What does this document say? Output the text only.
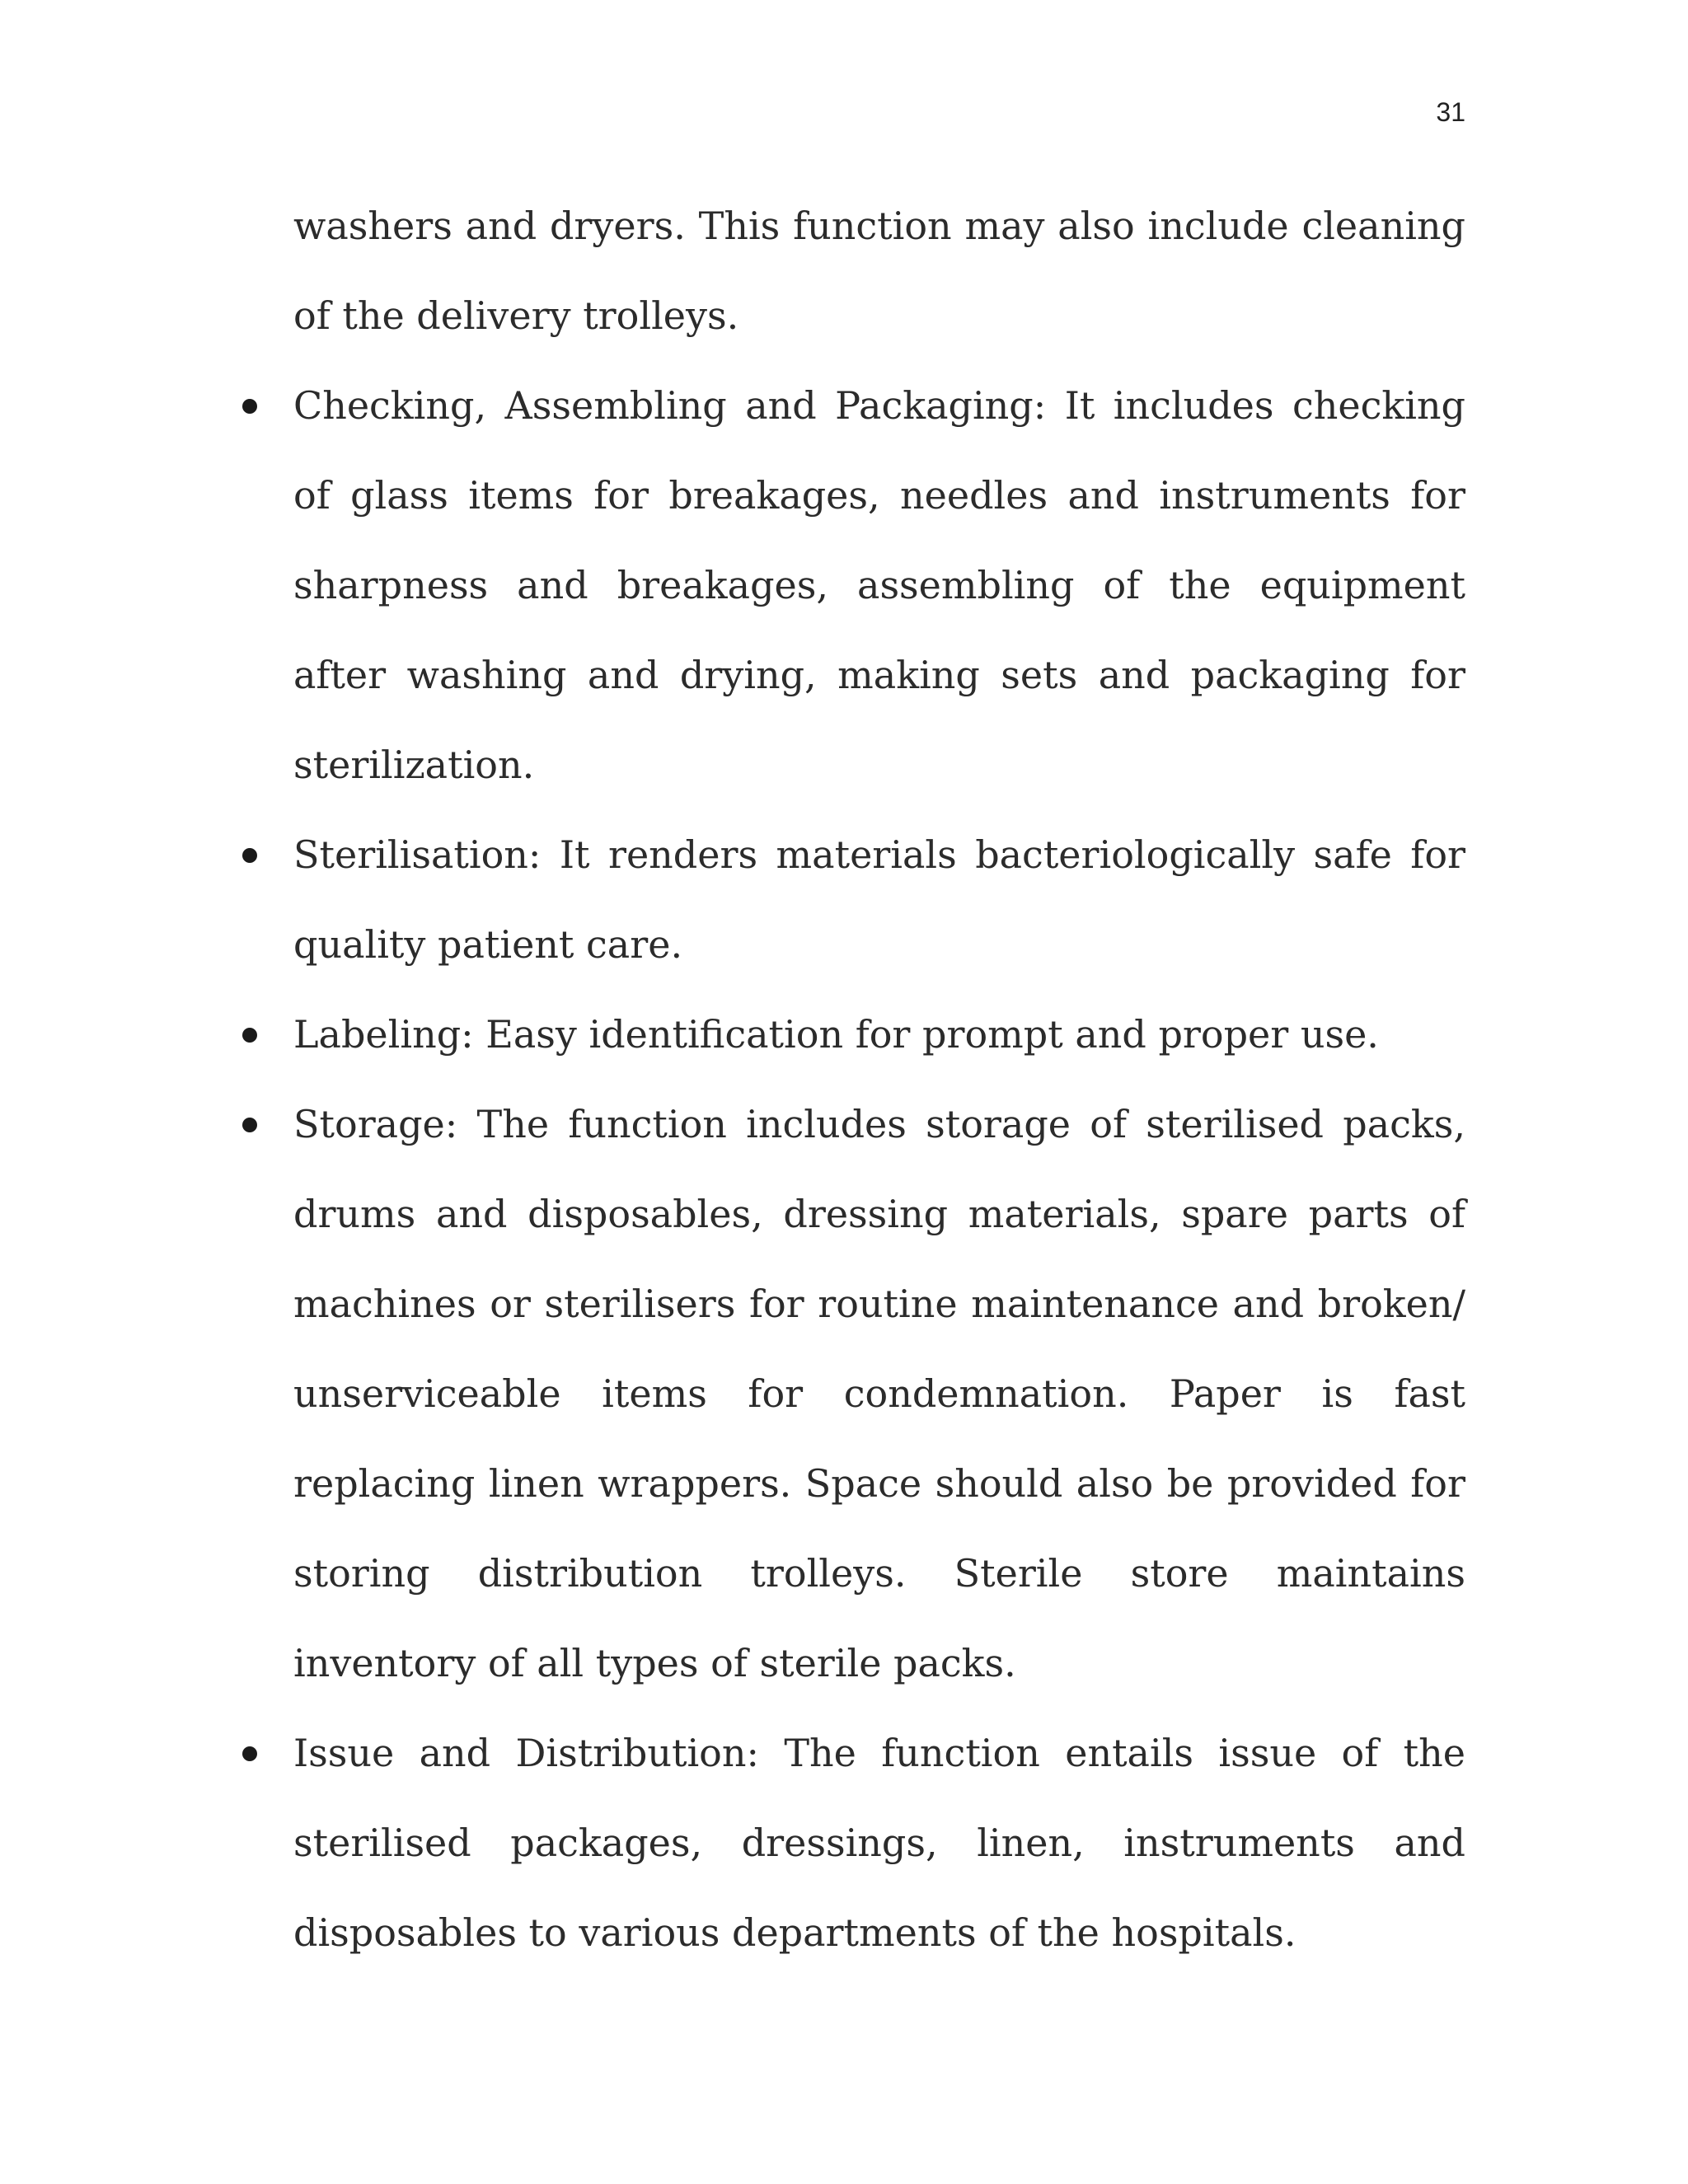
31

washers and dryers. This function may also include cleaning of the delivery trolleys.

Checking, Assembling and Packaging: It includes checking of glass items for breakages, needles and instruments for sharpness and breakages, assembling of the equipment after washing and drying, making sets and packaging for sterilization.
Sterilisation: It renders materials bacteriologically safe for quality patient care.
Labeling: Easy identification for prompt and proper use.
Storage: The function includes storage of sterilised packs, drums and disposables, dressing materials, spare parts of machines or sterilisers for routine maintenance and broken/ unserviceable items for condemnation. Paper is fast replacing linen wrappers. Space should also be provided for storing distribution trolleys. Sterile store maintains inventory of all types of sterile packs.
Issue and Distribution: The function entails issue of the sterilised packages, dressings, linen, instruments and disposables to various departments of the hospitals.
